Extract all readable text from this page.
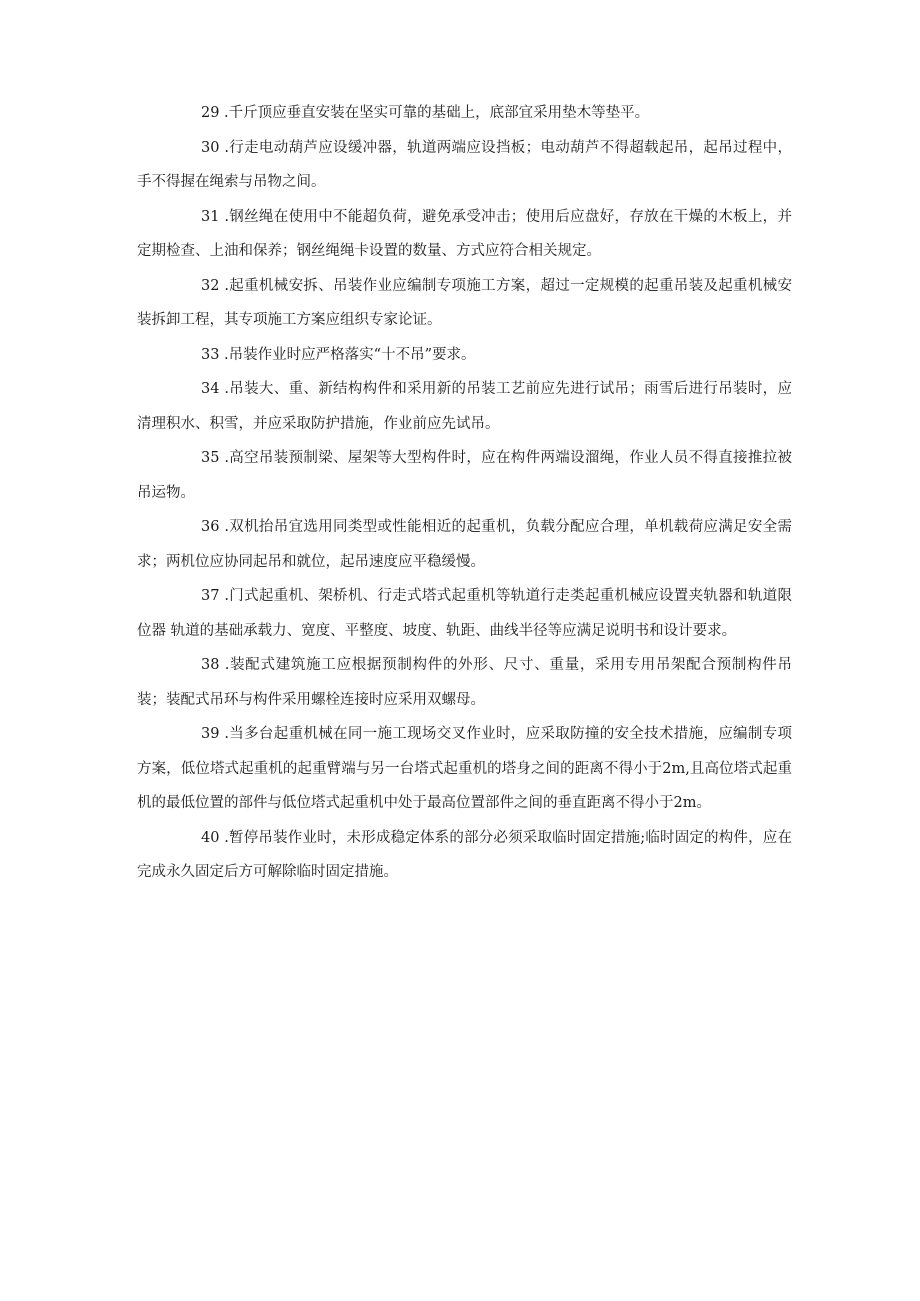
29 .千斤顶应垂直安装在坚实可靠的基础上，底部宜采用垫木等垫平。

30 .行走电动葫芦应设缓冲器，轨道两端应设挡板；电动葫芦不得超载起吊，起吊过程中，手不得握在绳索与吊物之间。

31 .钢丝绳在使用中不能超负荷，避免承受冲击；使用后应盘好，存放在干燥的木板上，并定期检查、上油和保养；钢丝绳绳卡设置的数量、方式应符合相关规定。

32 .起重机械安拆、吊装作业应编制专项施工方案，超过一定规模的起重吊装及起重机械安装拆卸工程，其专项施工方案应组织专家论证。

33 .吊装作业时应严格落实“十不吊”要求。

34 .吊装大、重、新结构构件和采用新的吊装工艺前应先进行试吊；雨雪后进行吊装时，应清理积水、积雪，并应采取防护措施，作业前应先试吊。

35 .高空吊装预制梁、屋架等大型构件时，应在构件两端设溜绳，作业人员不得直接推拉被吊运物。

36 .双机抬吊宜选用同类型或性能相近的起重机，负载分配应合理，单机载荷应满足安全需求；两机位应协同起吊和就位，起吊速度应平稳缓慢。

37 .门式起重机、架桥机、行走式塔式起重机等轨道行走类起重机械应设置夹轨器和轨道限位器 轨道的基础承载力、宽度、平整度、坡度、轨距、曲线半径等应满足说明书和设计要求。

38 .装配式建筑施工应根据预制构件的外形、尺寸、重量，采用专用吊架配合预制构件吊装；装配式吊环与构件采用螺栓连接时应采用双螺母。

39 .当多台起重机械在同一施工现场交叉作业时，应采取防撞的安全技术措施，应编制专项方案，低位塔式起重机的起重臂端与另一台塔式起重机的塔身之间的距离不得小于2m,且高位塔式起重机的最低位置的部件与低位塔式起重机中处于最高位置部件之间的垂直距离不得小于2m。

40 .暂停吊装作业时，未形成稳定体系的部分必须采取临时固定措施;临时固定的构件，应在完成永久固定后方可解除临时固定措施。
